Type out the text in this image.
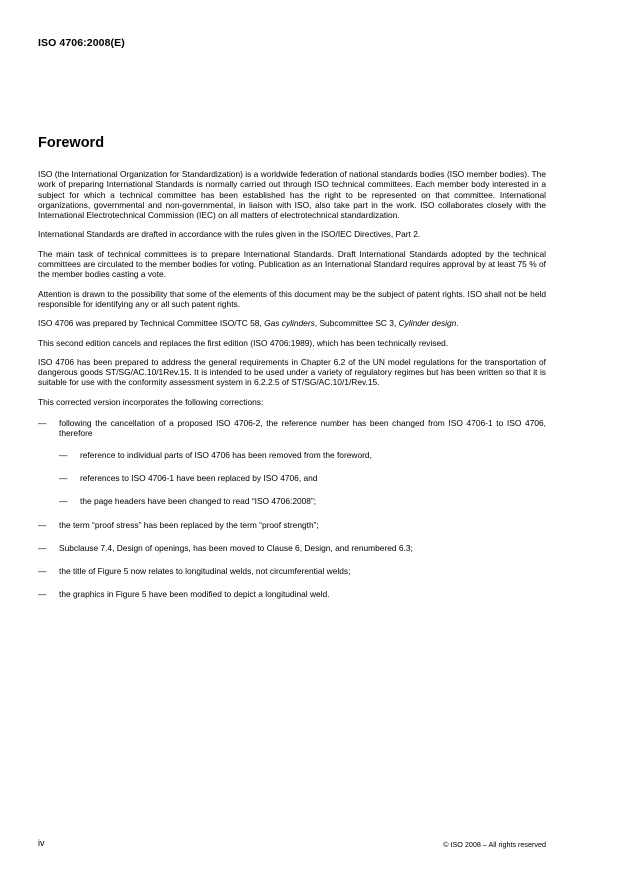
ISO 4706:2008(E)
Foreword

ISO (the International Organization for Standardization) is a worldwide federation of national standards bodies (ISO member bodies). The work of preparing International Standards is normally carried out through ISO technical committees. Each member body interested in a subject for which a technical committee has been established has the right to be represented on that committee. International organizations, governmental and non-governmental, in liaison with ISO, also take part in the work. ISO collaborates closely with the International Electrotechnical Commission (IEC) on all matters of electrotechnical standardization.

International Standards are drafted in accordance with the rules given in the ISO/IEC Directives, Part 2.

The main task of technical committees is to prepare International Standards. Draft International Standards adopted by the technical committees are circulated to the member bodies for voting. Publication as an International Standard requires approval by at least 75 % of the member bodies casting a vote.

Attention is drawn to the possibility that some of the elements of this document may be the subject of patent rights. ISO shall not be held responsible for identifying any or all such patent rights.

ISO 4706 was prepared by Technical Committee ISO/TC 58, Gas cylinders, Subcommittee SC 3, Cylinder design.

This second edition cancels and replaces the first edition (ISO 4706:1989), which has been technically revised.

ISO 4706 has been prepared to address the general requirements in Chapter 6.2 of the UN model regulations for the transportation of dangerous goods ST/SG/AC.10/1Rev.15. It is intended to be used under a variety of regulatory regimes but has been written so that it is suitable for use with the conformity assessment system in 6.2.2.5 of ST/SG/AC.10/1/Rev.15.

This corrected version incorporates the following corrections:

— following the cancellation of a proposed ISO 4706-2, the reference number has been changed from ISO 4706-1 to ISO 4706, therefore
— reference to individual parts of ISO 4706 has been removed from the foreword,
— references to ISO 4706-1 have been replaced by ISO 4706, and
— the page headers have been changed to read “ISO 4706:2008”;
— the term “proof stress” has been replaced by the term “proof strength”;
— Subclause 7.4, Design of openings, has been moved to Clause 6, Design, and renumbered 6.3;
— the title of Figure 5 now relates to longitudinal welds, not circumferential welds;
— the graphics in Figure 5 have been modified to depict a longitudinal weld.
iv	© ISO 2008 – All rights reserved
